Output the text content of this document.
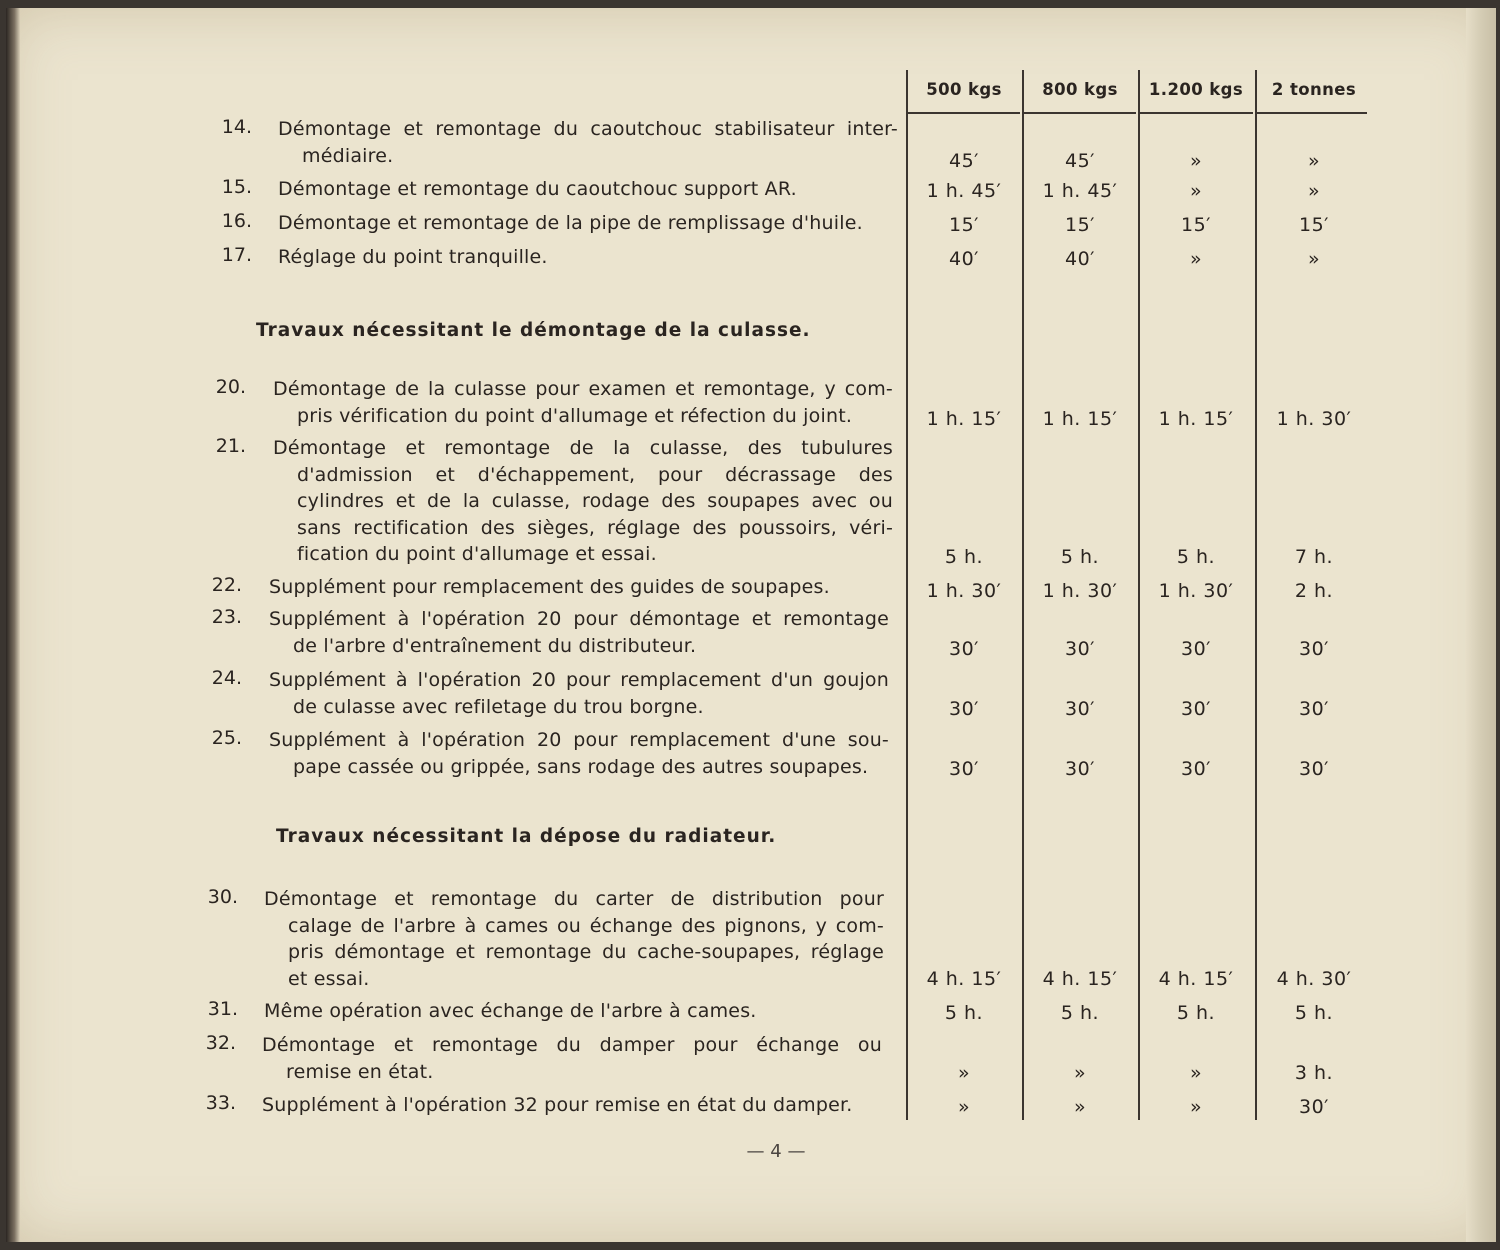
500 kgs	800 kgs	1.200 kgs	2 tonnes
Travaux nécessitant le démontage de la culasse.
Travaux nécessitant la dépose du radiateur.
14. Démontage et remontage du caoutchouc stabilisateur inter-
médiaire.	45′	45′	»	»
15. Démontage et remontage du caoutchouc support AR.	1 h. 45′	1 h. 45′	»	»
16. Démontage et remontage de la pipe de remplissage d'huile.	15′	15′	15′	15′
17. Réglage du point tranquille.	40′	40′	»	»
20. Démontage de la culasse pour examen et remontage, y com-
pris vérification du point d'allumage et réfection du joint.	1 h. 15′	1 h. 15′	1 h. 15′	1 h. 30′
21. Démontage et remontage de la culasse, des tubulures
d'admission et d'échappement, pour décrassage des
cylindres et de la culasse, rodage des soupapes avec ou
sans rectification des sièges, réglage des poussoirs, véri-
fication du point d'allumage et essai.	5 h.	5 h.	5 h.	7 h.
22. Supplément pour remplacement des guides de soupapes.	1 h. 30′	1 h. 30′	1 h. 30′	2 h.
23. Supplément à l'opération 20 pour démontage et remontage
de l'arbre d'entraînement du distributeur.	30′	30′	30′	30′
24. Supplément à l'opération 20 pour remplacement d'un goujon
de culasse avec refiletage du trou borgne.	30′	30′	30′	30′
25. Supplément à l'opération 20 pour remplacement d'une sou-
pape cassée ou grippée, sans rodage des autres soupapes.	30′	30′	30′	30′
30. Démontage et remontage du carter de distribution pour
calage de l'arbre à cames ou échange des pignons, y com-
pris démontage et remontage du cache-soupapes, réglage
et essai.	4 h. 15′	4 h. 15′	4 h. 15′	4 h. 30′
31. Même opération avec échange de l'arbre à cames.	5 h.	5 h.	5 h.	5 h.
32. Démontage et remontage du damper pour échange ou
remise en état.	»	»	»	3 h.
33. Supplément à l'opération 32 pour remise en état du damper.	»	»	»	30′
— 4 —
